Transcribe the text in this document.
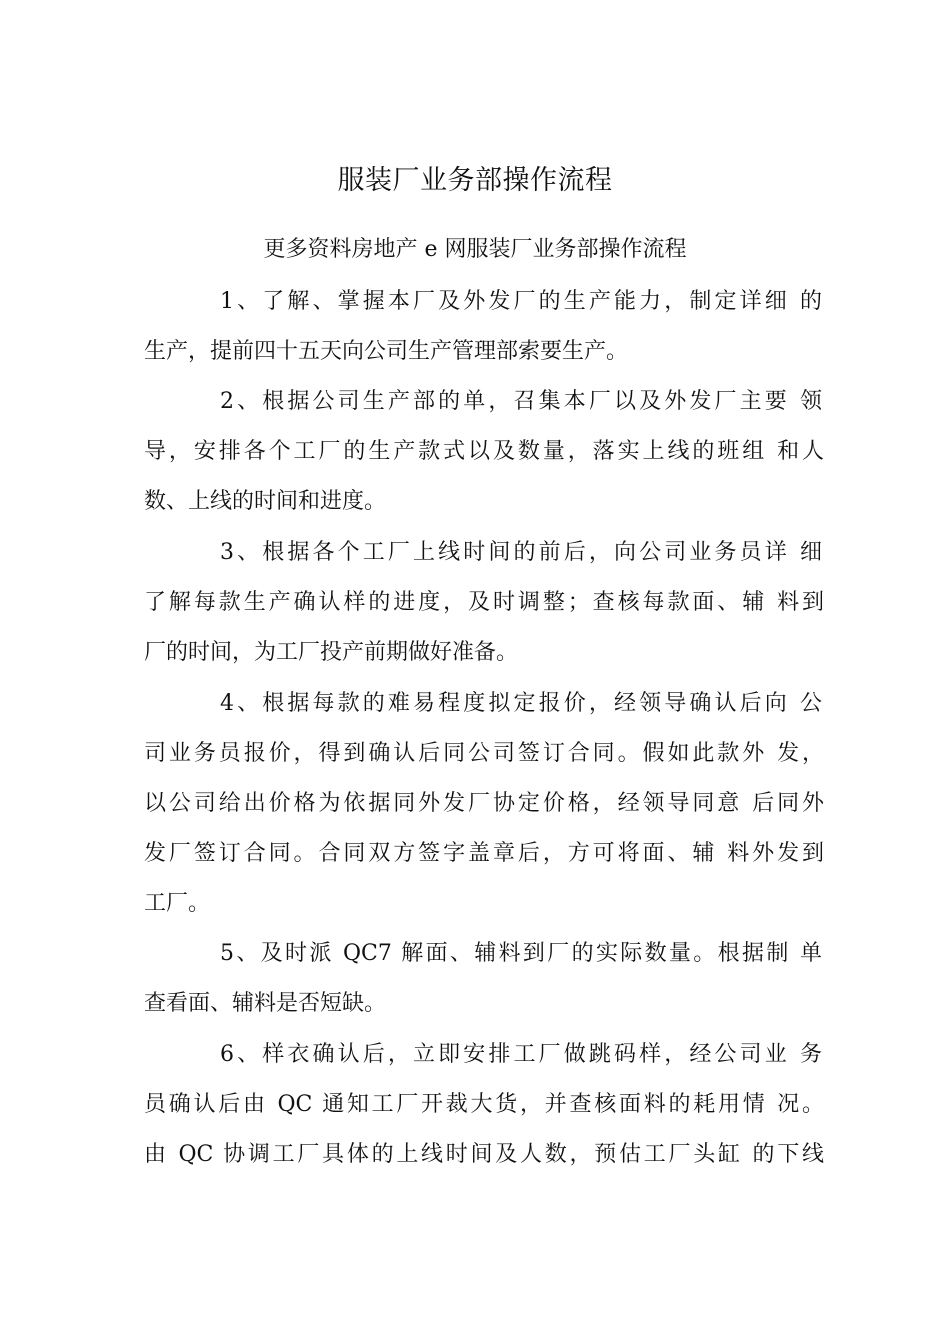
服装厂业务部操作流程
更多资料房地产 e 网服装厂业务部操作流程
1、了解、掌握本厂及外发厂的生产能力，制定详细 的
生产，提前四十五天向公司生产管理部索要生产。
2、根据公司生产部的单，召集本厂以及外发厂主要 领
导，安排各个工厂的生产款式以及数量，落实上线的班组 和人
数、上线的时间和进度。
3、根据各个工厂上线时间的前后，向公司业务员详 细
了解每款生产确认样的进度，及时调整；查核每款面、辅 料到
厂的时间，为工厂投产前期做好准备。
4、根据每款的难易程度拟定报价，经领导确认后向 公
司业务员报价，得到确认后同公司签订合同。假如此款外 发，
以公司给出价格为依据同外发厂协定价格，经领导同意 后同外
发厂签订合同。合同双方签字盖章后，方可将面、辅 料外发到
工厂。
5、及时派 QC7 解面、辅料到厂的实际数量。根据制 单
查看面、辅料是否短缺。
6、样衣确认后，立即安排工厂做跳码样，经公司业 务
员确认后由 QC 通知工厂开裁大货，并查核面料的耗用情 况。
由 QC 协调工厂具体的上线时间及人数，预估工厂头缸 的下线
